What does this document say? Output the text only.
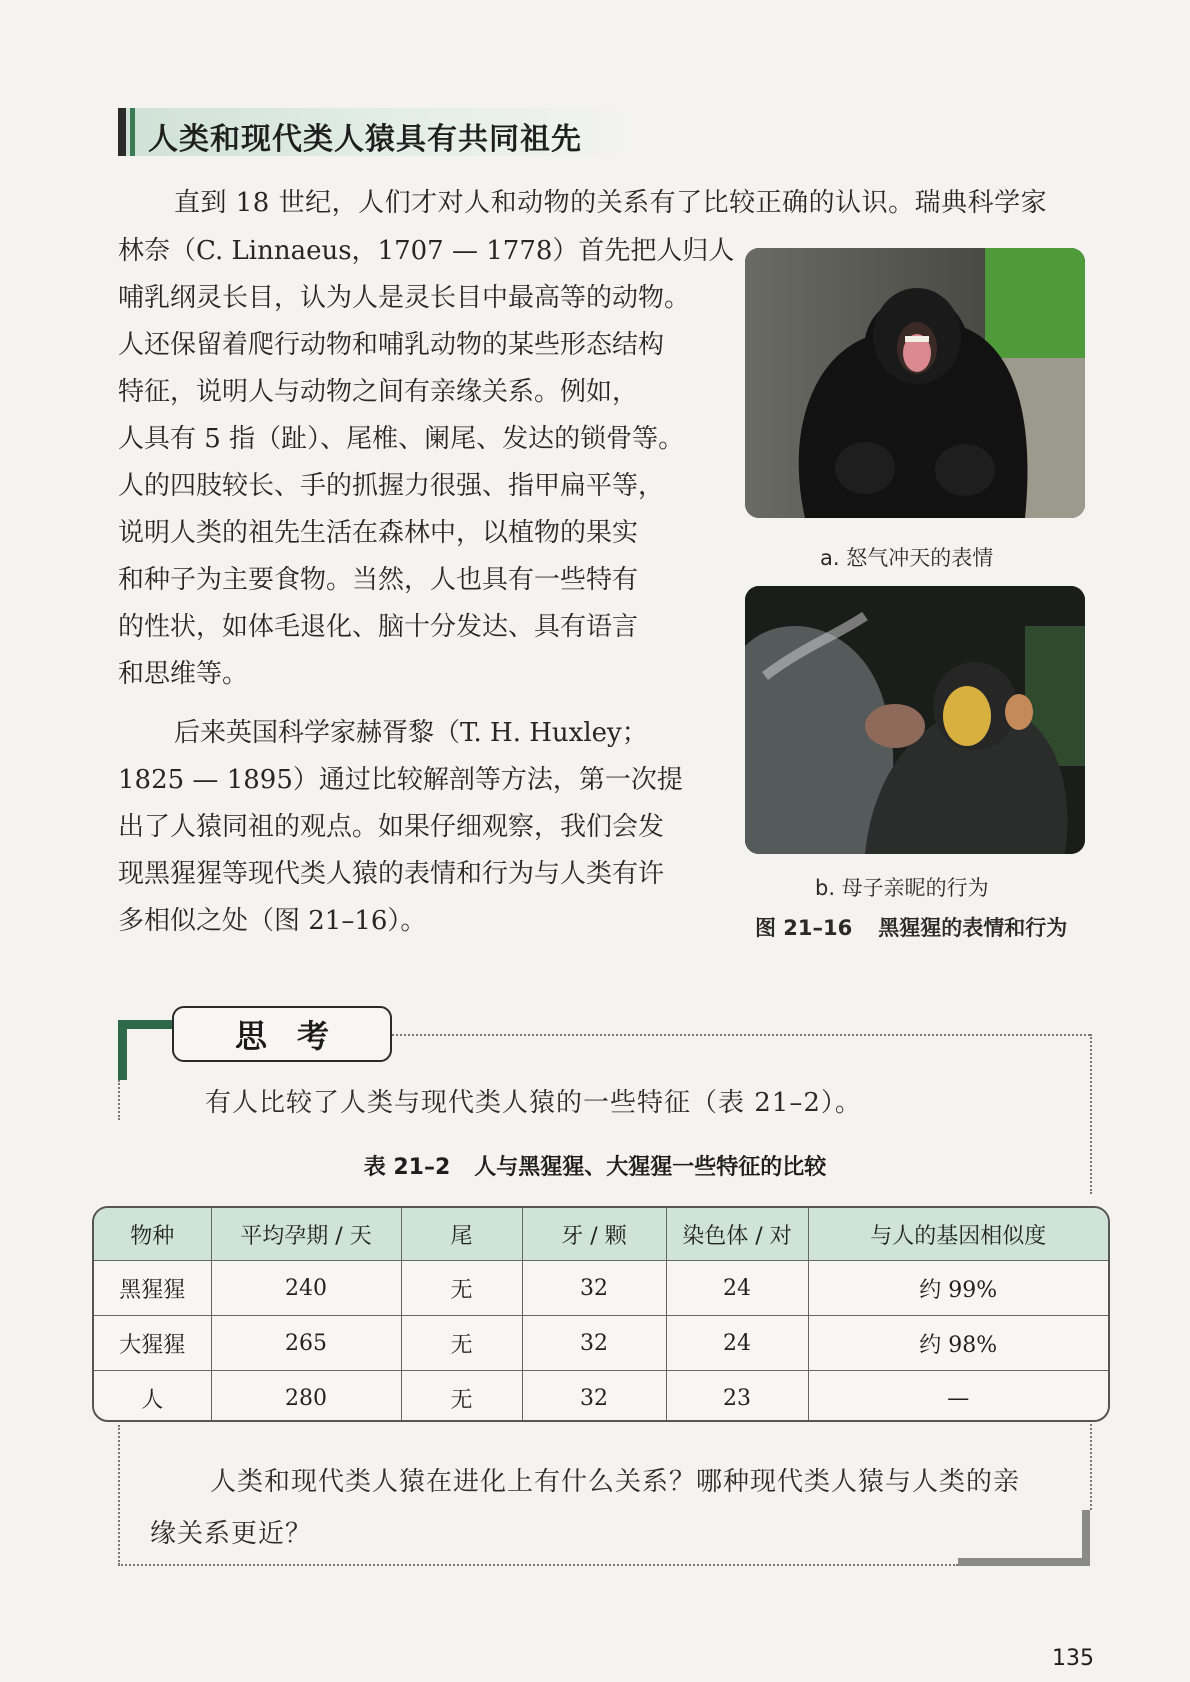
人类和现代类人猿具有共同祖先
直到 18 世纪，人们才对人和动物的关系有了比较正确的认识。瑞典科学家
林奈（C. Linnaeus，1707 — 1778）首先把人归人
哺乳纲灵长目，认为人是灵长目中最高等的动物。
人还保留着爬行动物和哺乳动物的某些形态结构
特征，说明人与动物之间有亲缘关系。例如，
人具有 5 指（趾）、尾椎、阑尾、发达的锁骨等。
人的四肢较长、手的抓握力很强、指甲扁平等，
说明人类的祖先生活在森林中，以植物的果实
和种子为主要食物。当然，人也具有一些特有
的性状，如体毛退化、脑十分发达、具有语言
和思维等。
后来英国科学家赫胥黎（T. H. Huxley；
1825 — 1895）通过比较解剖等方法，第一次提
出了人猿同祖的观点。如果仔细观察，我们会发
现黑猩猩等现代类人猿的表情和行为与人类有许
多相似之处（图 21–16）。
a. 怒气冲天的表情
b. 母子亲昵的行为
图 21–16 黑猩猩的表情和行为
思考
有人比较了人类与现代类人猿的一些特征（表 21–2）。
表 21–2 人与黑猩猩、大猩猩一些特征的比较
物种	平均孕期 / 天	尾	牙 / 颗	染色体 / 对	与人的基因相似度
黑猩猩	240	无	32	24	约 99%
大猩猩	265	无	32	24	约 98%
人	280	无	32	23	—
人类和现代类人猿在进化上有什么关系？哪种现代类人猿与人类的亲
缘关系更近？
135
